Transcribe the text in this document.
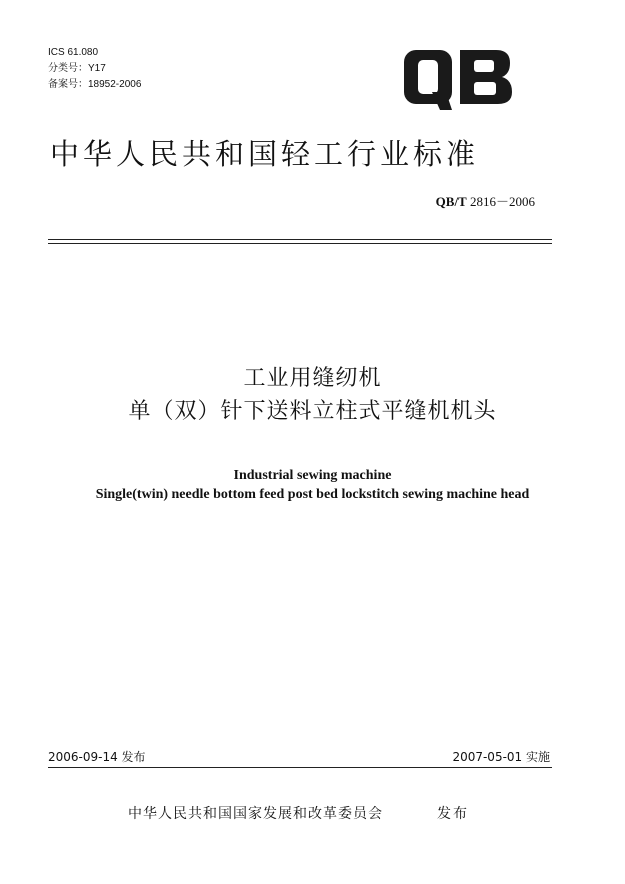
ICS 61.080
分类号：Y17
备案号：18952-2006
中华人民共和国轻工行业标准
QB/T 2816－2006
工业用缝纫机
单（双）针下送料立柱式平缝机机头
Industrial sewing machine
Single(twin) needle bottom feed post bed lockstitch sewing machine head
2006-09-14 发布	2007-05-01 实施
中华人民共和国国家发展和改革委员会	发布
